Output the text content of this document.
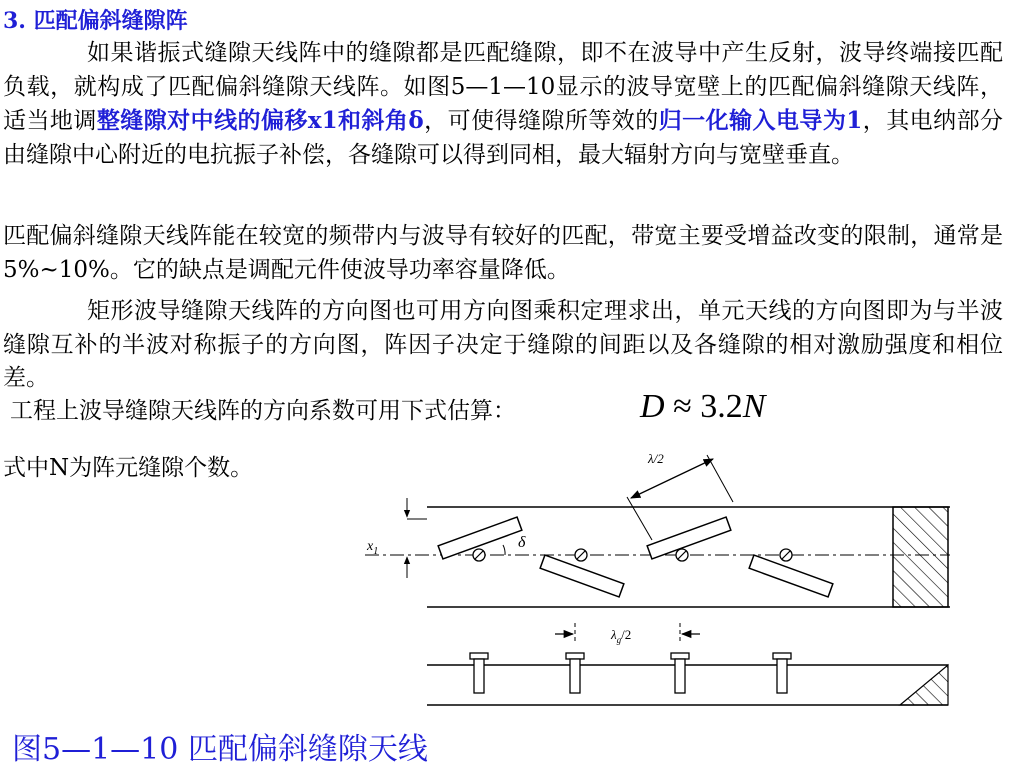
3. 匹配偏斜缝隙阵

如果谐振式缝隙天线阵中的缝隙都是匹配缝隙，即不在波导中产生反射，波导终端接匹配负载，就构成了匹配偏斜缝隙天线阵。如图5—1—10显示的波导宽壁上的匹配偏斜缝隙天线阵，适当地调整缝隙对中线的偏移x1和斜角δ，可使得缝隙所等效的归一化输入电导为1，其电纳部分由缝隙中心附近的电抗振子补偿，各缝隙可以得到同相，最大辐射方向与宽壁垂直。

匹配偏斜缝隙天线阵能在较宽的频带内与波导有较好的匹配，带宽主要受增益改变的限制，通常是5%~10%。它的缺点是调配元件使波导功率容量降低。

矩形波导缝隙天线阵的方向图也可用方向图乘积定理求出，单元天线的方向图即为与半波缝隙互补的半波对称振子的方向图，阵因子决定于缝隙的间距以及各缝隙的相对激励强度和相位差。

工程上波导缝隙天线阵的方向系数可用下式估算：	D ≈ 3.2N
式中N为阵元缝隙个数。
$x_1$
δ
λ/2
$\lambda_g/2$
图5—1—10 匹配偏斜缝隙天线
